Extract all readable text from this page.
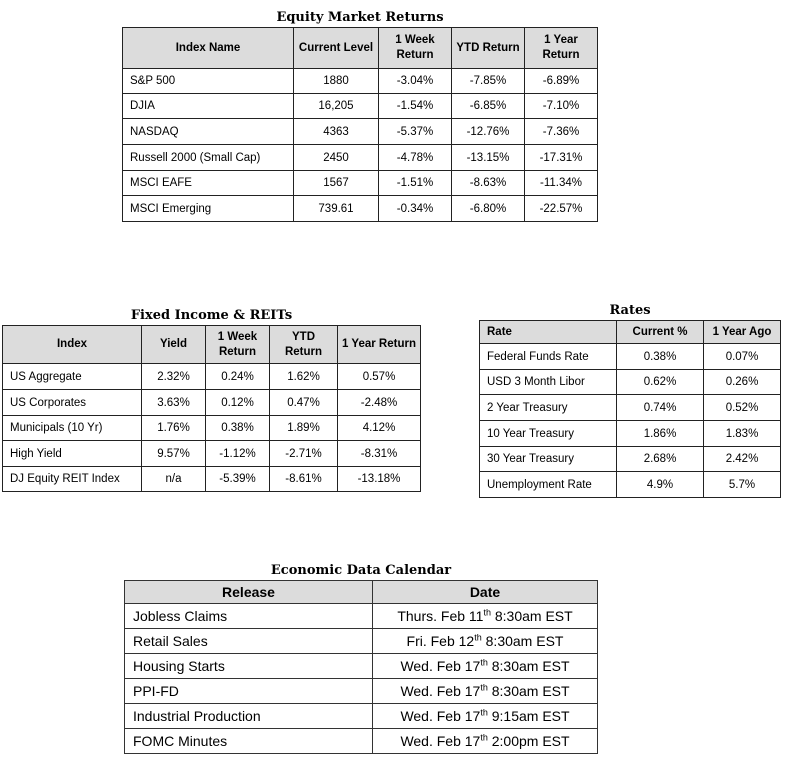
Equity Market Returns
Index Name	Current Level	1 Week Return	YTD Return	1 Year Return
S&P 500	1880	-3.04%	-7.85%	-6.89%
DJIA	16,205	-1.54%	-6.85%	-7.10%
NASDAQ	4363	-5.37%	-12.76%	-7.36%
Russell 2000 (Small Cap)	2450	-4.78%	-13.15%	-17.31%
MSCI EAFE	1567	-1.51%	-8.63%	-11.34%
MSCI Emerging	739.61	-0.34%	-6.80%	-22.57%
Fixed Income & REITs
Index	Yield	1 Week Return	YTD Return	1 Year Return
US Aggregate	2.32%	0.24%	1.62%	0.57%
US Corporates	3.63%	0.12%	0.47%	-2.48%
Municipals (10 Yr)	1.76%	0.38%	1.89%	4.12%
High Yield	9.57%	-1.12%	-2.71%	-8.31%
DJ Equity REIT Index	n/a	-5.39%	-8.61%	-13.18%
Rates
Rate	Current %	1 Year Ago
Federal Funds Rate	0.38%	0.07%
USD 3 Month Libor	0.62%	0.26%
2 Year Treasury	0.74%	0.52%
10 Year Treasury	1.86%	1.83%
30 Year Treasury	2.68%	2.42%
Unemployment Rate	4.9%	5.7%
Economic Data Calendar
Release	Date
Jobless Claims	Thurs. Feb 11th 8:30am EST
Retail Sales	Fri. Feb 12th 8:30am EST
Housing Starts	Wed. Feb 17th 8:30am EST
PPI-FD	Wed. Feb 17th 8:30am EST
Industrial Production	Wed. Feb 17th 9:15am EST
FOMC Minutes	Wed. Feb 17th 2:00pm EST
